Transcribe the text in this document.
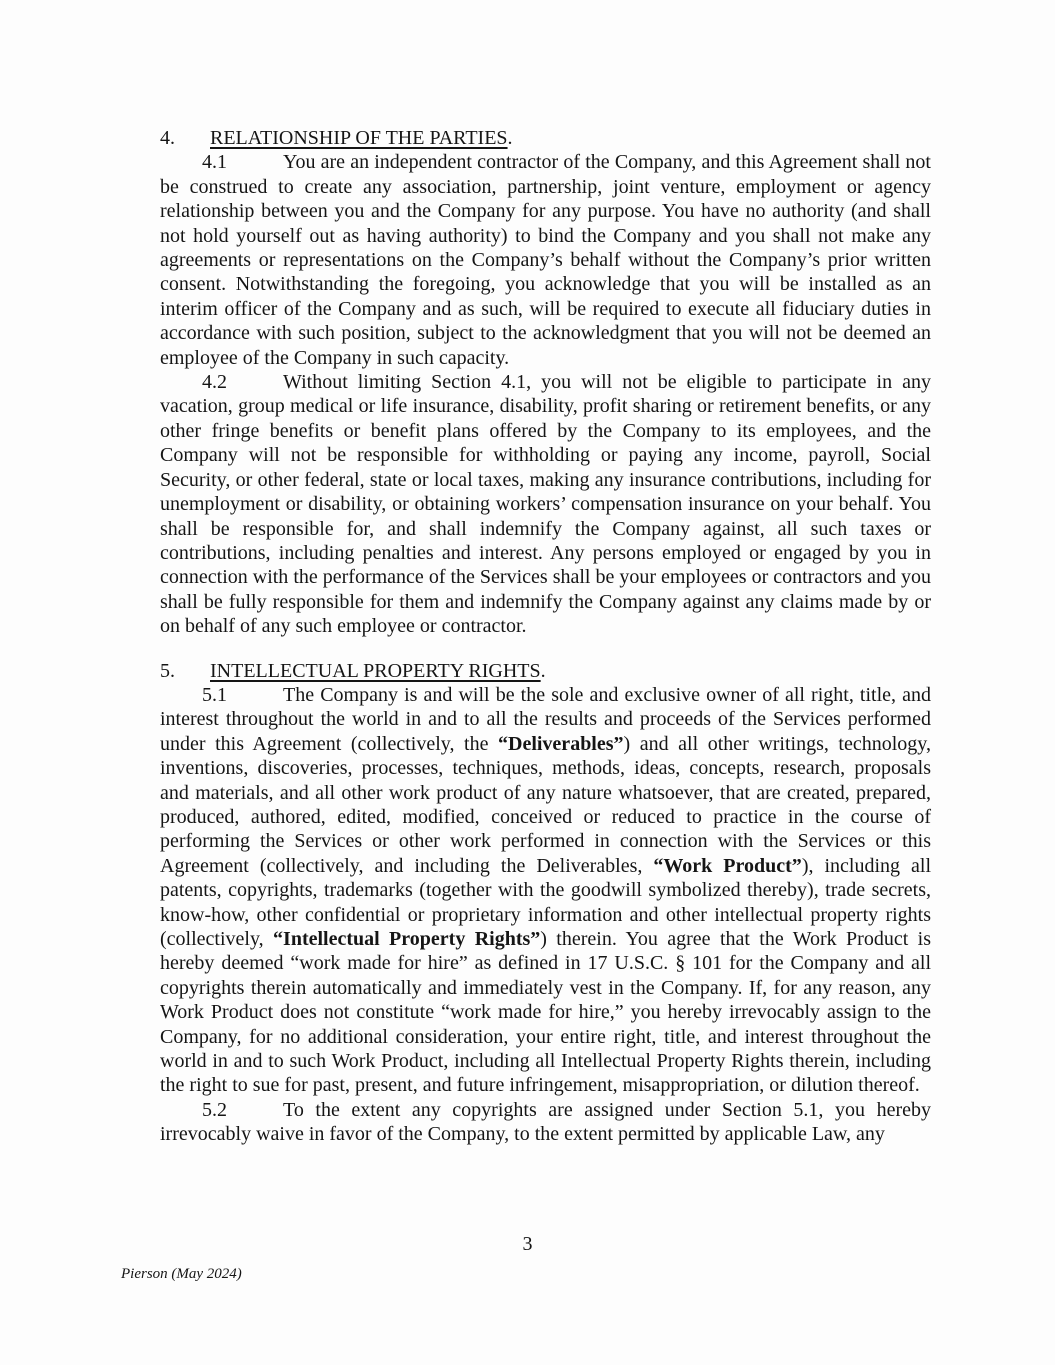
4. RELATIONSHIP OF THE PARTIES.

4.1	You are an independent contractor of the Company, and this Agreement shall not be construed to create any association, partnership, joint venture, employment or agency relationship between you and the Company for any purpose. You have no authority (and shall not hold yourself out as having authority) to bind the Company and you shall not make any agreements or representations on the Company’s behalf without the Company’s prior written consent. Notwithstanding the foregoing, you acknowledge that you will be installed as an interim officer of the Company and as such, will be required to execute all fiduciary duties in accordance with such position, subject to the acknowledgment that you will not be deemed an employee of the Company in such capacity.

4.2	Without limiting Section 4.1, you will not be eligible to participate in any vacation, group medical or life insurance, disability, profit sharing or retirement benefits, or any other fringe benefits or benefit plans offered by the Company to its employees, and the Company will not be responsible for withholding or paying any income, payroll, Social Security, or other federal, state or local taxes, making any insurance contributions, including for unemployment or disability, or obtaining workers’ compensation insurance on your behalf. You shall be responsible for, and shall indemnify the Company against, all such taxes or contributions, including penalties and interest. Any persons employed or engaged by you in connection with the performance of the Services shall be your employees or contractors and you shall be fully responsible for them and indemnify the Company against any claims made by or on behalf of any such employee or contractor.

5. INTELLECTUAL PROPERTY RIGHTS.

5.1	The Company is and will be the sole and exclusive owner of all right, title, and interest throughout the world in and to all the results and proceeds of the Services performed under this Agreement (collectively, the “Deliverables”) and all other writings, technology, inventions, discoveries, processes, techniques, methods, ideas, concepts, research, proposals and materials, and all other work product of any nature whatsoever, that are created, prepared, produced, authored, edited, modified, conceived or reduced to practice in the course of performing the Services or other work performed in connection with the Services or this Agreement (collectively, and including the Deliverables, “Work Product”), including all patents, copyrights, trademarks (together with the goodwill symbolized thereby), trade secrets, know-how, other confidential or proprietary information and other intellectual property rights (collectively, “Intellectual Property Rights”) therein. You agree that the Work Product is hereby deemed “work made for hire” as defined in 17 U.S.C. § 101 for the Company and all copyrights therein automatically and immediately vest in the Company. If, for any reason, any Work Product does not constitute “work made for hire,” you hereby irrevocably assign to the Company, for no additional consideration, your entire right, title, and interest throughout the world in and to such Work Product, including all Intellectual Property Rights therein, including the right to sue for past, present, and future infringement, misappropriation, or dilution thereof.

5.2	To the extent any copyrights are assigned under Section 5.1, you hereby irrevocably waive in favor of the Company, to the extent permitted by applicable Law, any

3
Pierson (May 2024)
